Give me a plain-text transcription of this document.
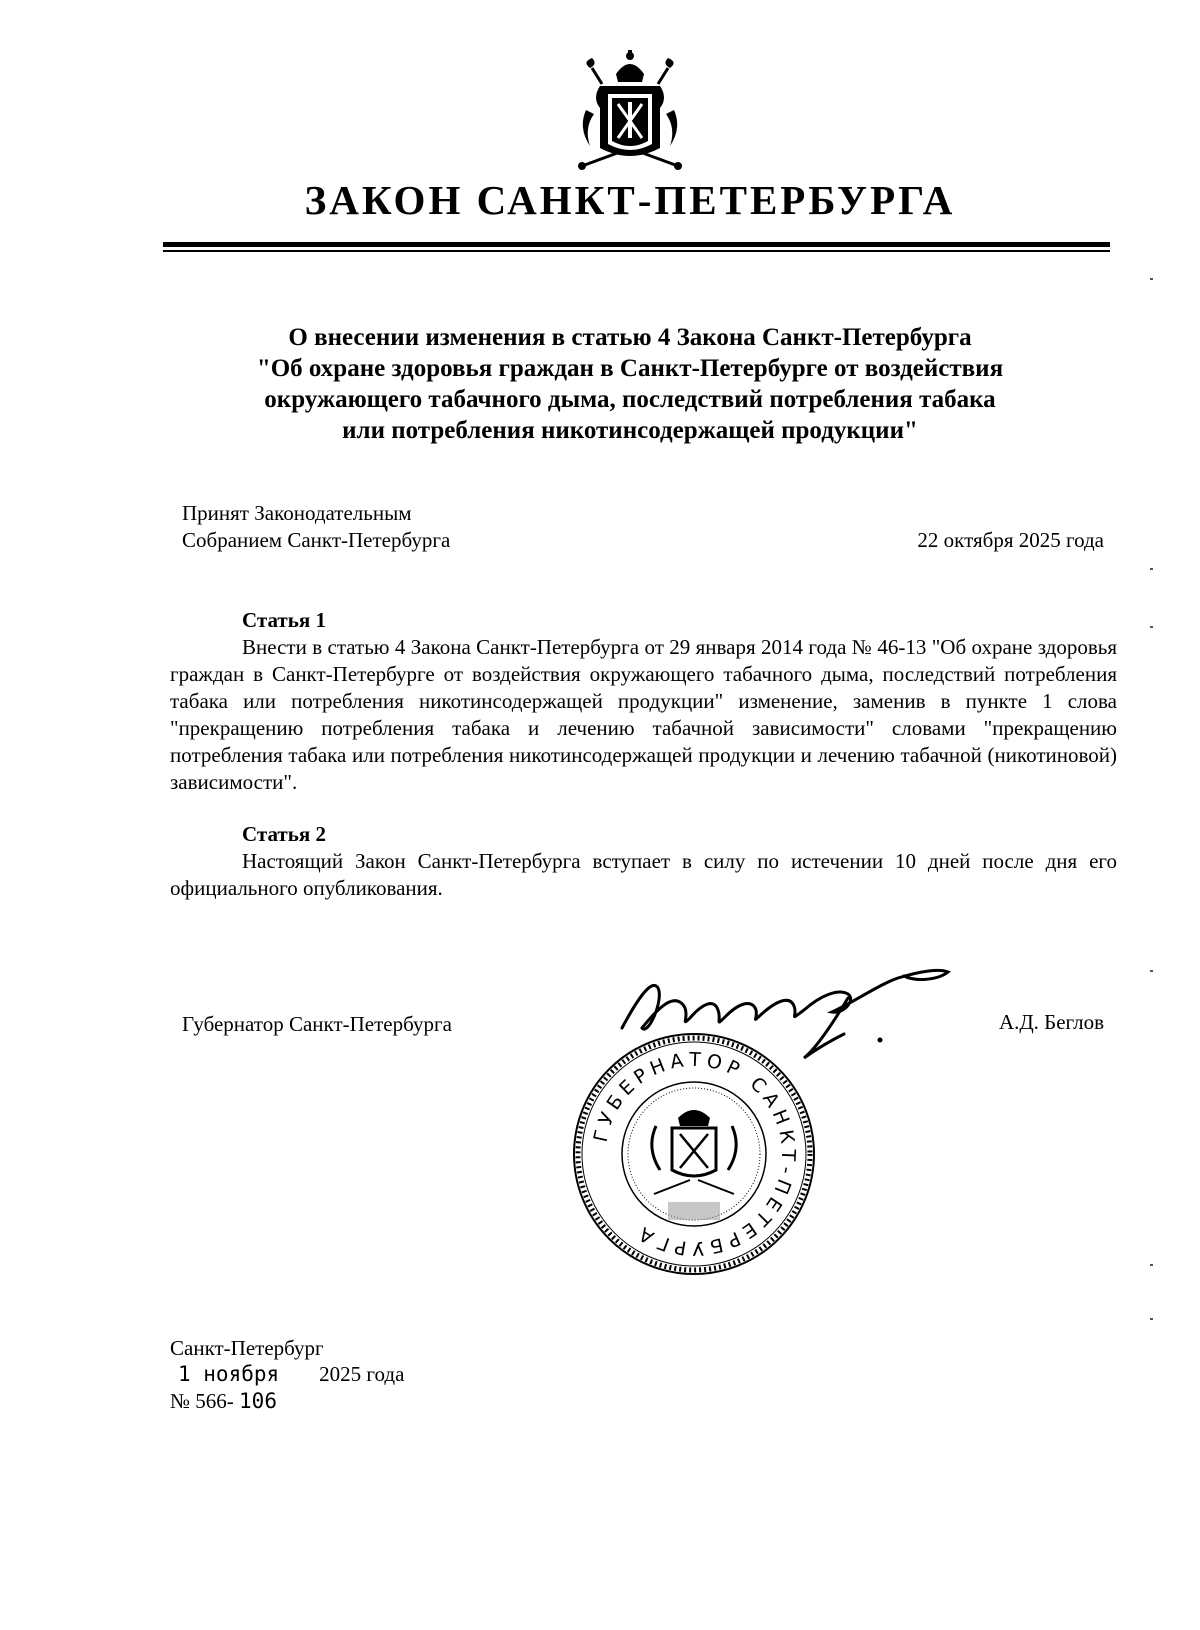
ЗАКОН САНКТ-ПЕТЕРБУРГА
О внесении изменения в статью 4 Закона Санкт-Петербурга
"Об охране здоровья граждан в Санкт-Петербурге от воздействия
окружающего табачного дыма, последствий потребления табака
или потребления никотинсодержащей продукции"
Принят Законодательным
Собранием Санкт-Петербурга	22 октября 2025 года
Статья 1

Внести в статью 4 Закона Санкт-Петербурга от 29 января 2014 года № 46-13 "Об охране здоровья граждан в Санкт-Петербурге от воздействия окружающего табачного дыма, последствий потребления табака или потребления никотинсодержащей продукции" изменение, заменив в пункте 1 слова "прекращению потребления табака и лечению табачной зависимости" словами "прекращению потребления табака или потребления никотинсодержащей продукции и лечению табачной (никотиновой) зависимости".

Статья 2

Настоящий Закон Санкт-Петербурга вступает в силу по истечении 10 дней после дня его официального опубликования.

Губернатор Санкт-Петербурга	А.Д. Беглов
ГУБЕРНАТОР САНКТ-ПЕТЕРБУРГА
Санкт-Петербург
1 ноября 2025 года
№ 566- 106
